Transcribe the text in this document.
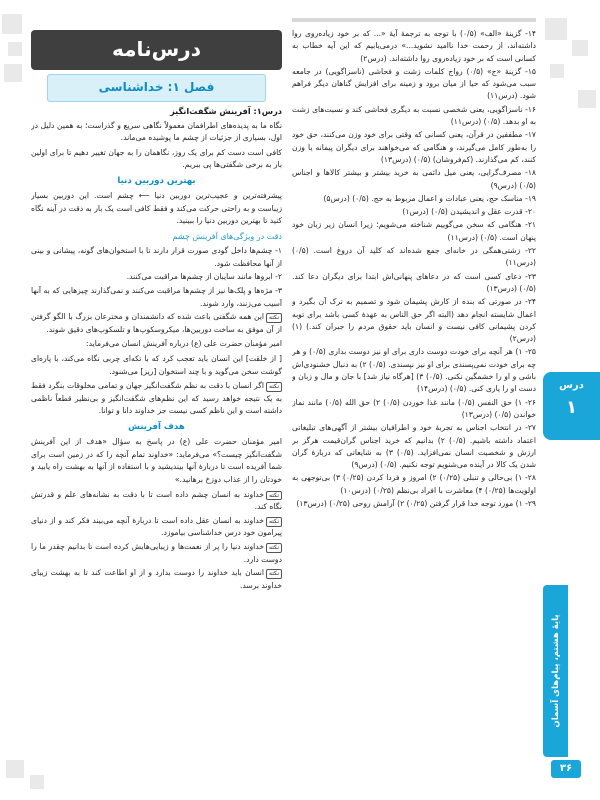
درس‌نامه
فصل ۱: خداشناسی
درس۱: آفرینش شگفت‌انگیز

نگاه ما به پدیده‌های اطرافمان معمولاً نگاهی سریع و گذراست؛ به همین دلیل در اول، بسیاری از جزئیات از چشم ما پوشیده می‌ماند.

کافی است دست کم برای یک روز، نگاهمان را به جهان تغییر دهیم تا برای اولین بار به برخی شگفتی‌ها پی ببریم.

بهترین دوربین دنیا

پیشرفته‌ترین و عجیب‌ترین دوربین دنیا ⟵ چشم است. این دوربین بسیار زیباست و به راحتی حرکت می‌کند و فقط کافی است یک بار به دقت در آینه نگاه کنید تا بهترین دوربین دنیا را ببینید.

دقت در ویژگی‌های آفرینش چشم
۱- چشم‌ها داخل گودی صورت قرار دارند تا با استخوان‌های گونه، پیشانی و بینی از آنها محافظت شود.
۲- ابروها مانند سایبان از چشم‌ها مراقبت می‌کنند.
۳- مژه‌ها و پلک‌ها نیز از چشم‌ها مراقبت می‌کنند و نمی‌گذارند چیزهایی که به آنها آسیب می‌زنند، وارد شوند.

نکتهاین همه شگفتی باعث شده که دانشمندان و مخترعان بزرگ با الگو گرفتن از آن موفق به ساخت دوربین‌ها، میکروسکوپ‌ها و تلسکوپ‌های دقیق شوند.

امیر مؤمنان حضرت علی (ع) درباره آفرینش انسان می‌فرماید:

[ از خلقت] این انسان باید تعجب کرد که با تکه‌ای چربی نگاه می‌کند، با پاره‌ای گوشت سخن می‌گوید و با چند استخوان [ریز] می‌شنود.

نکتهاگر انسان با دقت به نظم شگفت‌انگیز جهان و تمامی مخلوقات بنگرد فقط به یک نتیجه خواهد رسید که این نظم‌های شگفت‌انگیز و بی‌نظیر قطعاً ناظمی داشته است و این ناظم کسی نیست جز خداوند دانا و توانا.

هدف آفرینش

امیر مؤمنان حضرت علی (ع) در پاسخ به سؤال «هدف از این آفرینش شگفت‌انگیز چیست؟» می‌فرماید: «خداوند تمام آنچه را که در زمین است برای شما آفریده است تا دربارهٔ آنها بیندیشید و با استفاده از آنها به بهشت راه یابید و خودتان را از عذاب دوزخ برهانید.»

نکتهخداوند به انسان چشم داده است تا با دقت به نشانه‌های علم و قدرتش نگاه کند.
نکتهخداوند به انسان عقل داده است تا دربارهٔ آنچه می‌بیند فکر کند و از دنیای پیرامون خود درس خداشناسی بیاموزد.
نکتهخداوند دنیا را پر از نعمت‌ها و زیبایی‌هایش کرده است تا بدانیم چقدر ما را دوست دارد.
نکتهانسان باید خداوند را دوست بدارد و از او اطاعت کند تا به بهشت زیبای خداوند برسد.
۱۴- گزینهٔ «الف» (۰/۵) با توجه به ترجمهٔ آیهٔ «... که بر خود زیاده‌روی روا داشته‌اند، از رحمت خدا ناامید نشوید...» درمی‌یابیم که این آیه خطاب به کسانی است که بر خود زیاده‌روی روا داشته‌اند. (درس۲)
۱۵- گزینهٔ «ج» (۰/۵) رواج کلمات زشت و فحاشی (ناسزاگویی) در جامعه سبب می‌شود که حیا از میان برود و زمینه برای افزایش گناهان دیگر فراهم شود. (درس۱۱)
۱۶- ناسزاگویی، یعنی شخصی نسبت به دیگری فحاشی کند و نسبت‌های زشت به او بدهد. (۰/۵) (درس۱۱)
۱۷- مطففین در قرآن، یعنی کسانی که وقتی برای خود وزن می‌کنند، حق خود را به‌طور کامل می‌گیرند، و هنگامی که می‌خواهند برای دیگران پیمانه یا وزن کنند، کم می‌گذارند. (کم‌فروشان) (۰/۵) (درس۱۳)
۱۸- مصرف‌گرایی، یعنی میل دائمی به خرید بیشتر و بیشتر کالاها و اجناس (۰/۵) (درس۹)
۱۹- مناسک حج، یعنی عبادات و اعمال مربوط به حج. (۰/۵) (درس۵)
۲۰- قدرت عقل و اندیشیدن (۰/۵) (درس۱)
۲۱- هنگامی که سخن می‌گوییم شناخته می‌شویم؛ زیرا انسان زیر زبان خود پنهان است. (۰/۵) (درس۱۱)
۲۲- زشتی‌همگی در خانه‌ای جمع شده‌اند که کلید آن دروغ است. (۰/۵) (درس۱۱)
۲۳- دعای کسی است که در دعاهای پنهانی‌اش ابتدا برای دیگران دعا کند. (۰/۵) (درس۱۳)
۲۴- در صورتی که بنده از کارش پشیمان شود و تصمیم به ترک آن بگیرد و اعمال شایسته انجام دهد (البته اگر حق الناس به عهدهٔ کسی باشد برای توبه کردن پشیمانی کافی نیست و انسان باید حقوق مردم را جبران کند.) (۱) (درس۲)
۲۵- ۱) هر آنچه برای خودت دوست داری برای او نیز دوست بداری (۰/۵) و هر چه برای خودت نمی‌پسندی برای او نیز نپسندی. (۰/۵) ۲) به دنبال خشنودی‌اش باشی و او را خشمگین نکنی. (۰/۵) ۳) [هرگاه نیاز شد] با جان و مال و زبان و دست او را یاری کنی. (۰/۵) (درس۱۴)
۲۶- ۱) حق النفس (۰/۵) مانند غذا خوردن (۰/۵) ۲) حق الله (۰/۵) مانند نماز خواندن (۰/۵) (درس۱۳)
۲۷- در انتخاب اجناس به تجربهٔ خود و اطرافیان بیشتر از آگهی‌های تبلیغاتی اعتماد داشته باشیم. (۰/۵) ۲) بدانیم که خرید اجناس گران‌قیمت هرگز بر ارزش و شخصیت انسان نمی‌افزاید. (۰/۵) ۳) به شایعاتی که دربارهٔ گران شدن یک کالا در آینده می‌شنویم توجه نکنیم. (۰/۵) (درس۹)
۲۸- ۱) بی‌حالی و تنبلی (۰/۲۵) ۲) امروز و فردا کردن (۰/۲۵) ۳) بی‌توجهی به اولویت‌ها (۰/۲۵) ۴) معاشرت با افراد بی‌نظم (۰/۲۵) (درس۱۰)
۲۹- ۱) مورد توجه خدا قرار گرفتن (۰/۲۵) ۲) آرامش روحی (۰/۲۵) (درس۱۳)
درس
۱
پایهٔ هشتم، پیام‌های آسمان
۳۶
